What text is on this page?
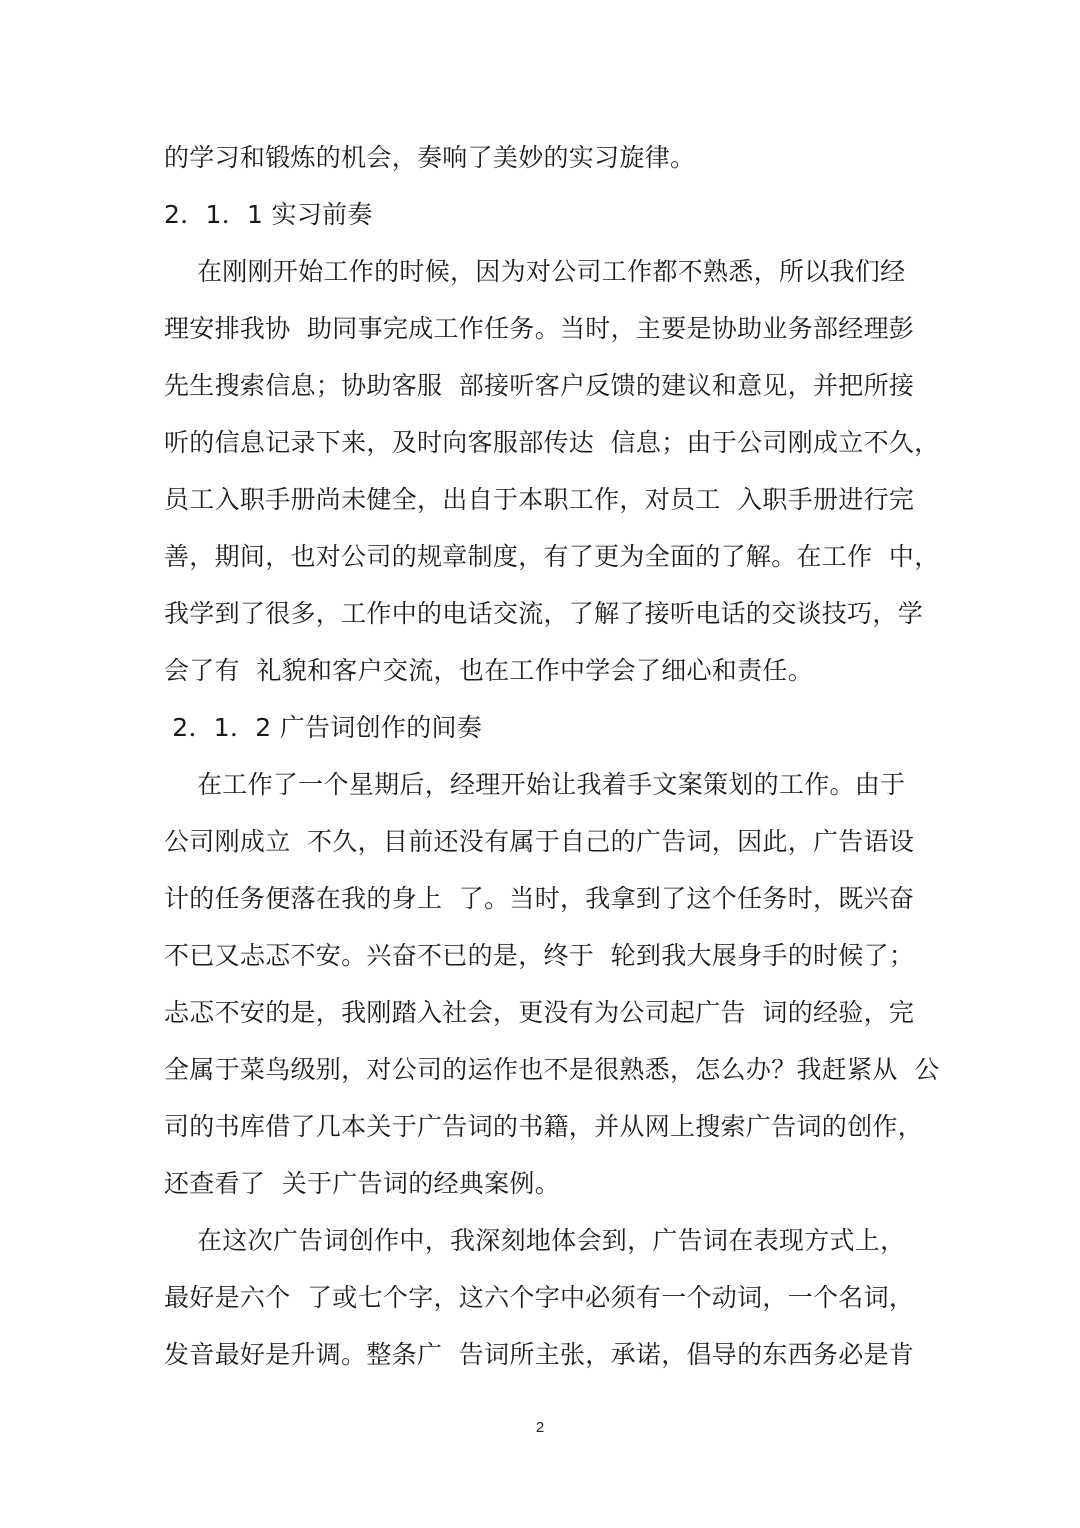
的学习和锻炼的机会，奏响了美妙的实习旋律。
2．1．1 实习前奏
在刚刚开始工作的时候，因为对公司工作都不熟悉，所以我们经
理安排我协  助同事完成工作任务。当时，主要是协助业务部经理彭
先生搜索信息；协助客服  部接听客户反馈的建议和意见，并把所接
听的信息记录下来，及时向客服部传达  信息；由于公司刚成立不久，
员工入职手册尚未健全，出自于本职工作，对员工  入职手册进行完
善，期间，也对公司的规章制度，有了更为全面的了解。在工作  中，
我学到了很多，工作中的电话交流，了解了接听电话的交谈技巧，学
会了有  礼貌和客户交流，也在工作中学会了细心和责任。
2．1．2 广告词创作的间奏
在工作了一个星期后，经理开始让我着手文案策划的工作。由于
公司刚成立  不久，目前还没有属于自己的广告词，因此，广告语设
计的任务便落在我的身上  了。当时，我拿到了这个任务时，既兴奋
不已又忐忑不安。兴奋不已的是，终于  轮到我大展身手的时候了；
忐忑不安的是，我刚踏入社会，更没有为公司起广告  词的经验，完
全属于菜鸟级别，对公司的运作也不是很熟悉，怎么办？我赶紧从  公
司的书库借了几本关于广告词的书籍，并从网上搜索广告词的创作，
还查看了  关于广告词的经典案例。
在这次广告词创作中，我深刻地体会到，广告词在表现方式上，
最好是六个  了或七个字，这六个字中必须有一个动词，一个名词，
发音最好是升调。整条广  告词所主张，承诺，倡导的东西务必是肯
2
